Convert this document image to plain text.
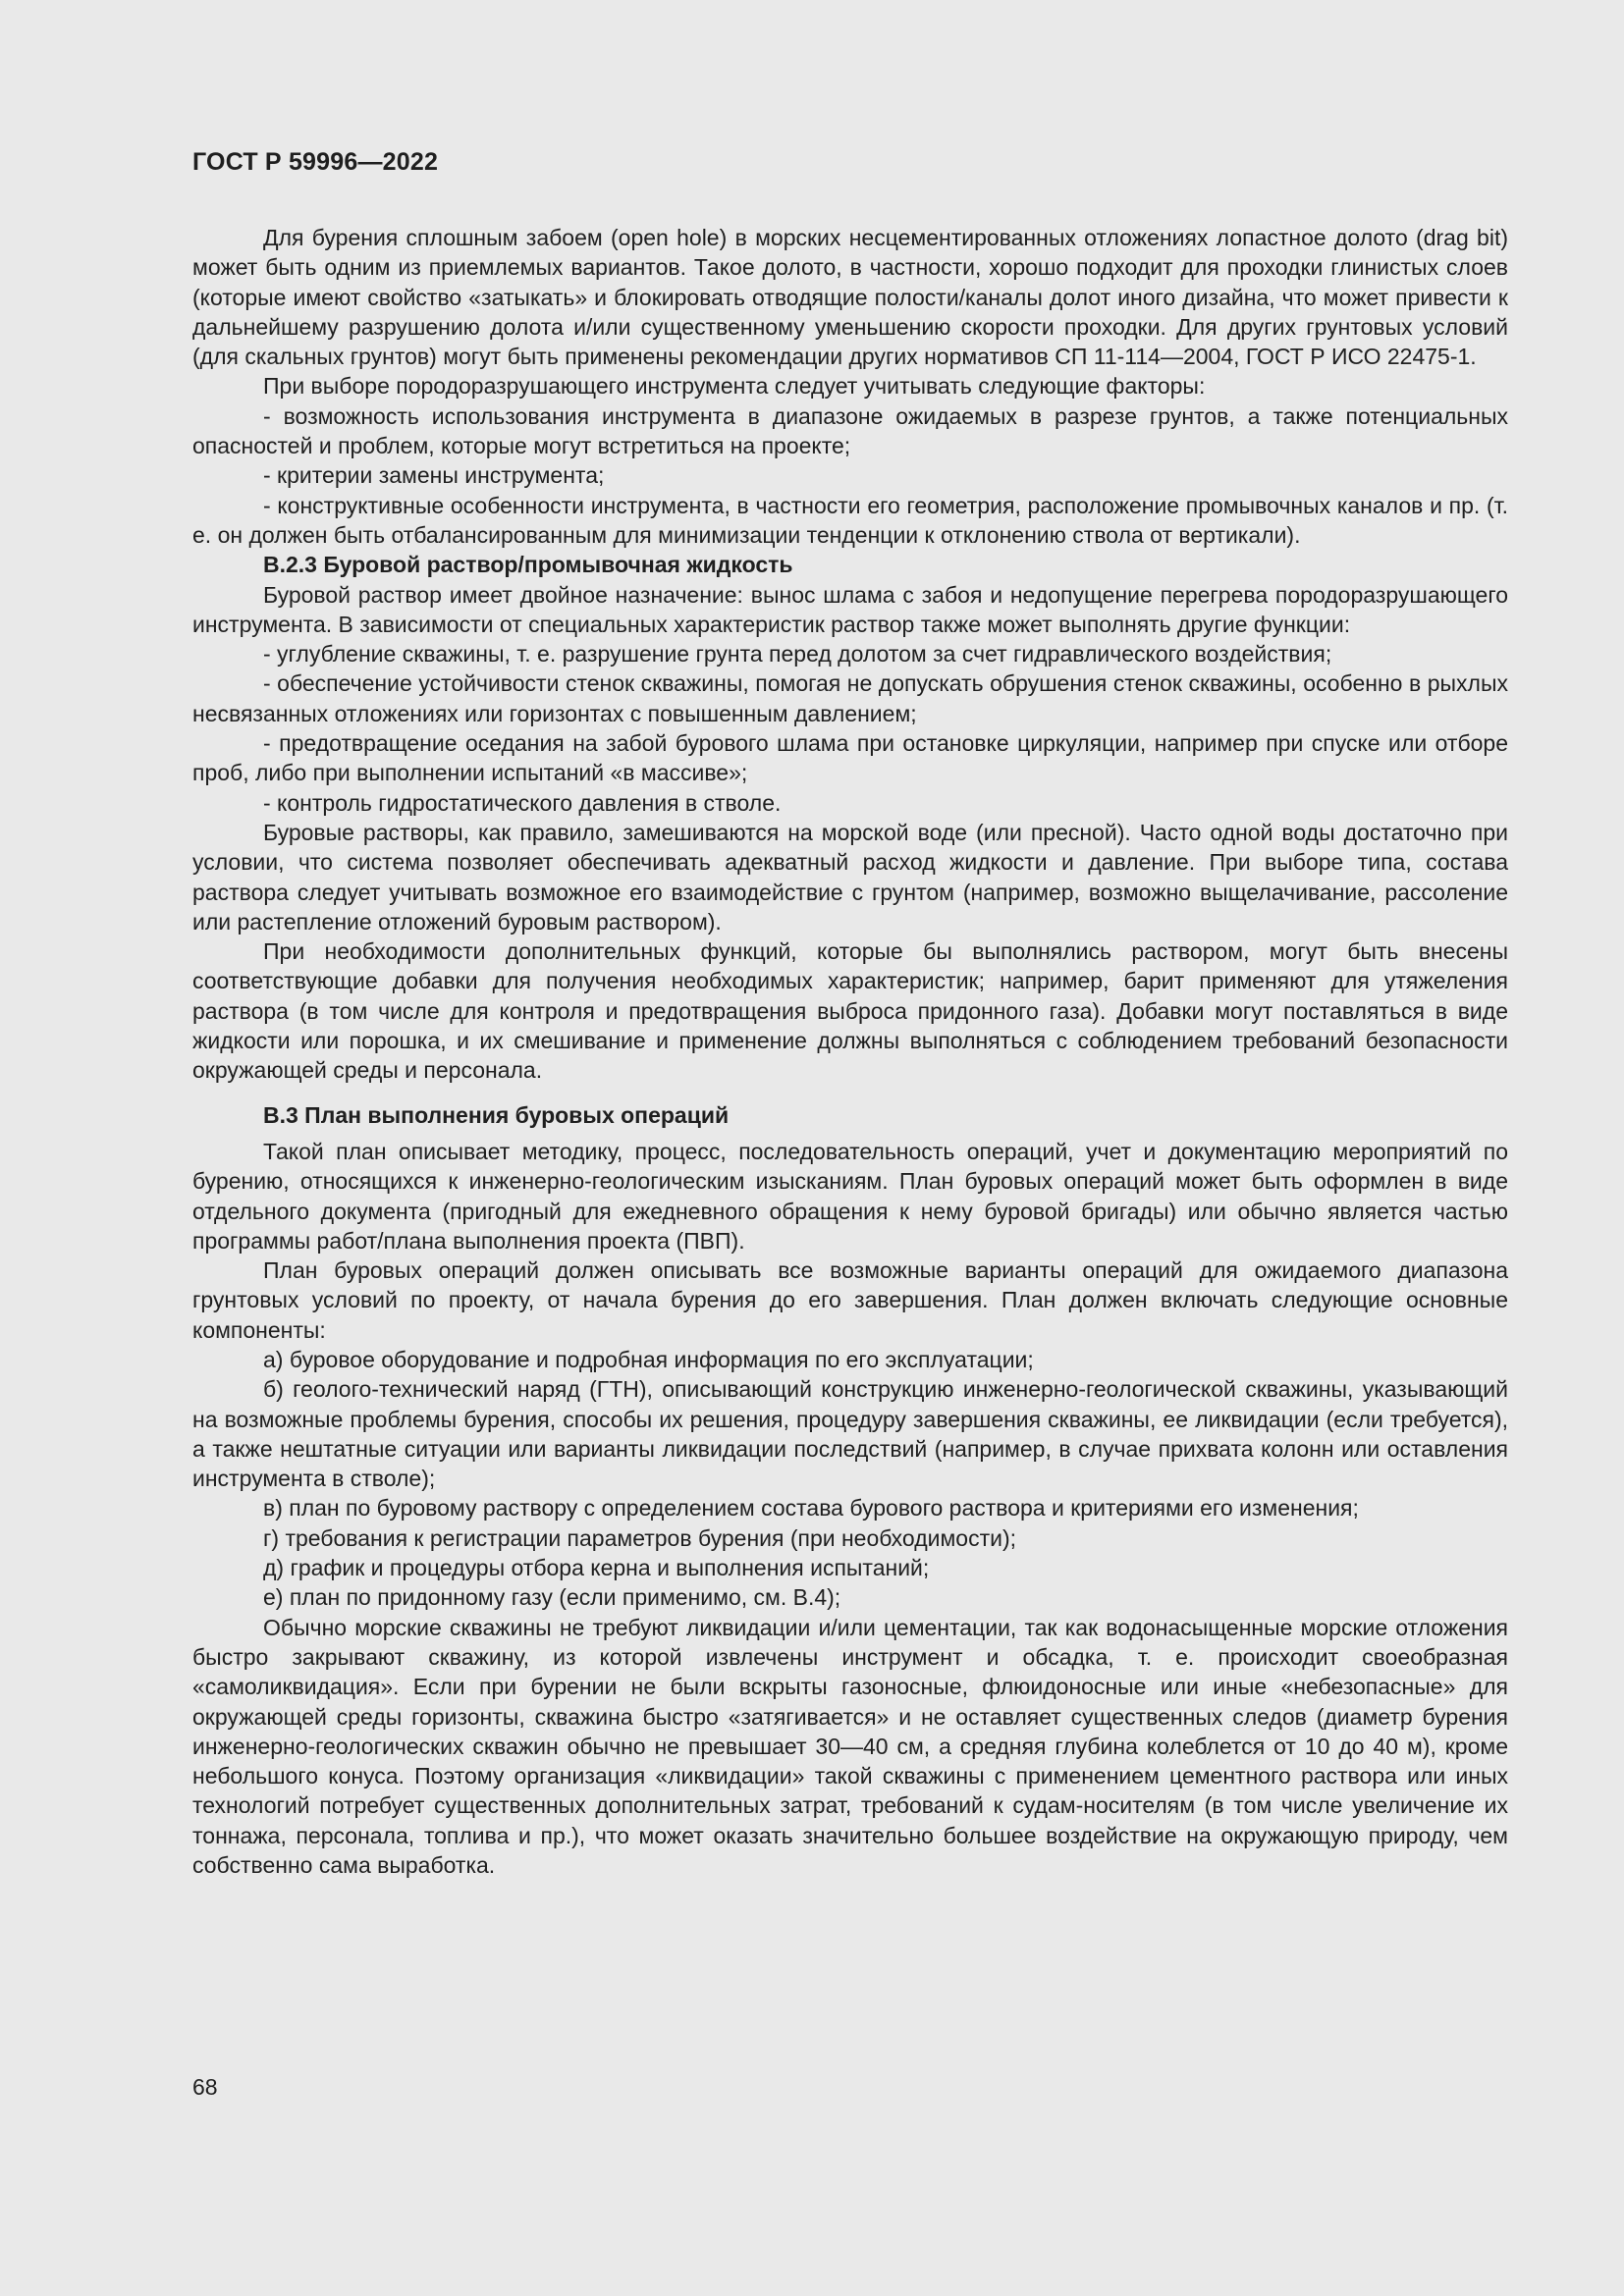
ГОСТ Р 59996—2022

Для бурения сплошным забоем (open hole) в морских несцементированных отложениях лопастное долото (drag bit) может быть одним из приемлемых вариантов. Такое долото, в частности, хорошо подходит для проходки глинистых слоев (которые имеют свойство «затыкать» и блокировать отводящие полости/каналы долот иного дизайна, что может привести к дальнейшему разрушению долота и/или существенному уменьшению скорости проходки. Для других грунтовых условий (для скальных грунтов) могут быть применены рекомендации других нормативов СП 11-114—2004, ГОСТ Р ИСО 22475-1.

При выборе породоразрушающего инструмента следует учитывать следующие факторы:

- возможность использования инструмента в диапазоне ожидаемых в разрезе грунтов, а также потенциальных опасностей и проблем, которые могут встретиться на проекте;

- критерии замены инструмента;

- конструктивные особенности инструмента, в частности его геометрия, расположение промывочных каналов и пр. (т. е. он должен быть отбалансированным для минимизации тенденции к отклонению ствола от вертикали).

В.2.3 Буровой раствор/промывочная жидкость

Буровой раствор имеет двойное назначение: вынос шлама с забоя и недопущение перегрева породоразрушающего инструмента. В зависимости от специальных характеристик раствор также может выполнять другие функции:

- углубление скважины, т. е. разрушение грунта перед долотом за счет гидравлического воздействия;

- обеспечение устойчивости стенок скважины, помогая не допускать обрушения стенок скважины, особенно в рыхлых несвязанных отложениях или горизонтах с повышенным давлением;

- предотвращение оседания на забой бурового шлама при остановке циркуляции, например при спуске или отборе проб, либо при выполнении испытаний «в массиве»;

- контроль гидростатического давления в стволе.

Буровые растворы, как правило, замешиваются на морской воде (или пресной). Часто одной воды достаточно при условии, что система позволяет обеспечивать адекватный расход жидкости и давление. При выборе типа, состава раствора следует учитывать возможное его взаимодействие с грунтом (например, возможно выщелачивание, рассоление или растепление отложений буровым раствором).

При необходимости дополнительных функций, которые бы выполнялись раствором, могут быть внесены соответствующие добавки для получения необходимых характеристик; например, барит применяют для утяжеления раствора (в том числе для контроля и предотвращения выброса придонного газа). Добавки могут поставляться в виде жидкости или порошка, и их смешивание и применение должны выполняться с соблюдением требований безопасности окружающей среды и персонала.

В.3 План выполнения буровых операций

Такой план описывает методику, процесс, последовательность операций, учет и документацию мероприятий по бурению, относящихся к инженерно-геологическим изысканиям. План буровых операций может быть оформлен в виде отдельного документа (пригодный для ежедневного обращения к нему буровой бригады) или обычно является частью программы работ/плана выполнения проекта (ПВП).

План буровых операций должен описывать все возможные варианты операций для ожидаемого диапазона грунтовых условий по проекту, от начала бурения до его завершения. План должен включать следующие основные компоненты:

а) буровое оборудование и подробная информация по его эксплуатации;

б) геолого-технический наряд (ГТН), описывающий конструкцию инженерно-геологической скважины, указывающий на возможные проблемы бурения, способы их решения, процедуру завершения скважины, ее ликвидации (если требуется), а также нештатные ситуации или варианты ликвидации последствий (например, в случае прихвата колонн или оставления инструмента в стволе);

в) план по буровому раствору с определением состава бурового раствора и критериями его изменения;

г) требования к регистрации параметров бурения (при необходимости);

д) график и процедуры отбора керна и выполнения испытаний;

е) план по придонному газу (если применимо, см. В.4);

Обычно морские скважины не требуют ликвидации и/или цементации, так как водонасыщенные морские отложения быстро закрывают скважину, из которой извлечены инструмент и обсадка, т. е. происходит своеобразная «самоликвидация». Если при бурении не были вскрыты газоносные, флюидоносные или иные «небезопасные» для окружающей среды горизонты, скважина быстро «затягивается» и не оставляет существенных следов (диаметр бурения инженерно-геологических скважин обычно не превышает 30—40 см, а средняя глубина колеблется от 10 до 40 м), кроме небольшого конуса. Поэтому организация «ликвидации» такой скважины с применением цементного раствора или иных технологий потребует существенных дополнительных затрат, требований к судам-носителям (в том числе увеличение их тоннажа, персонала, топлива и пр.), что может оказать значительно большее воздействие на окружающую природу, чем собственно сама выработка.

68
